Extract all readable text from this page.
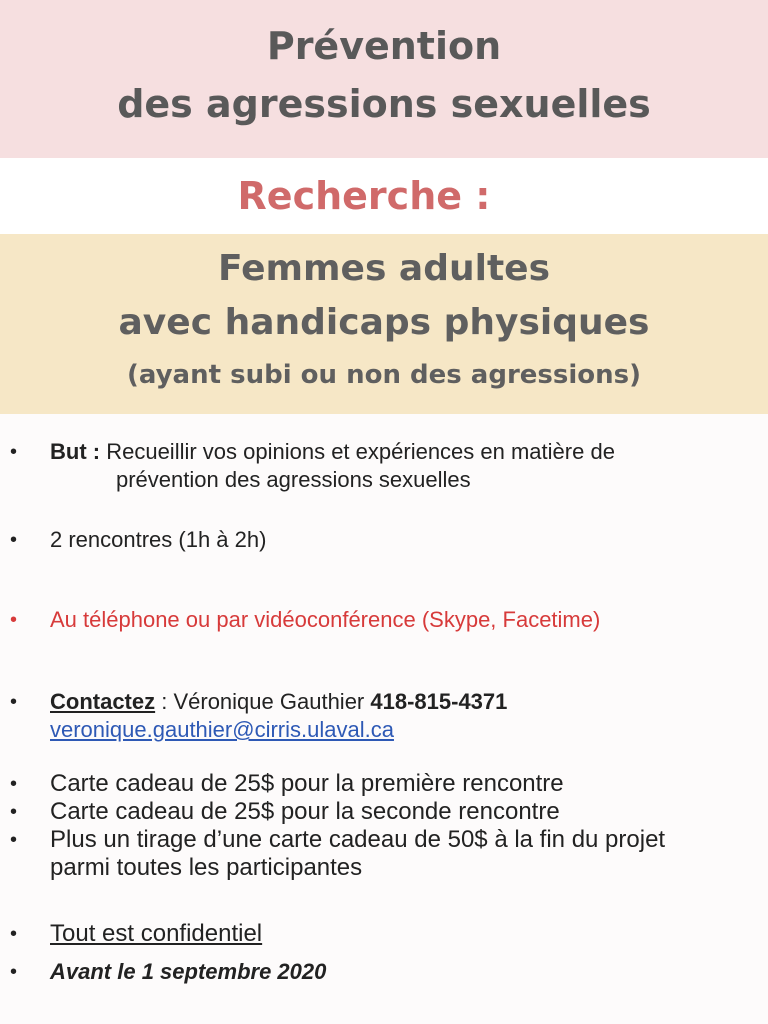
Prévention
des agressions sexuelles
Recherche :
Femmes adultes
avec handicaps physiques
(ayant subi ou non des agressions)
•	But : Recueillir vos opinions et expériences en matière de
prévention des agressions sexuelles
•	2 rencontres (1h à 2h)
•	Au téléphone ou par vidéoconférence (Skype, Facetime)
•	Contactez : Véronique Gauthier 418-815-4371
veronique.gauthier@cirris.ulaval.ca
•	Carte cadeau de 25$ pour la première rencontre
•	Carte cadeau de 25$ pour la seconde rencontre
•	Plus un tirage d’une carte cadeau de 50$ à la fin du projet
parmi toutes les participantes
•	Tout est confidentiel
•	Avant le 1 septembre 2020
